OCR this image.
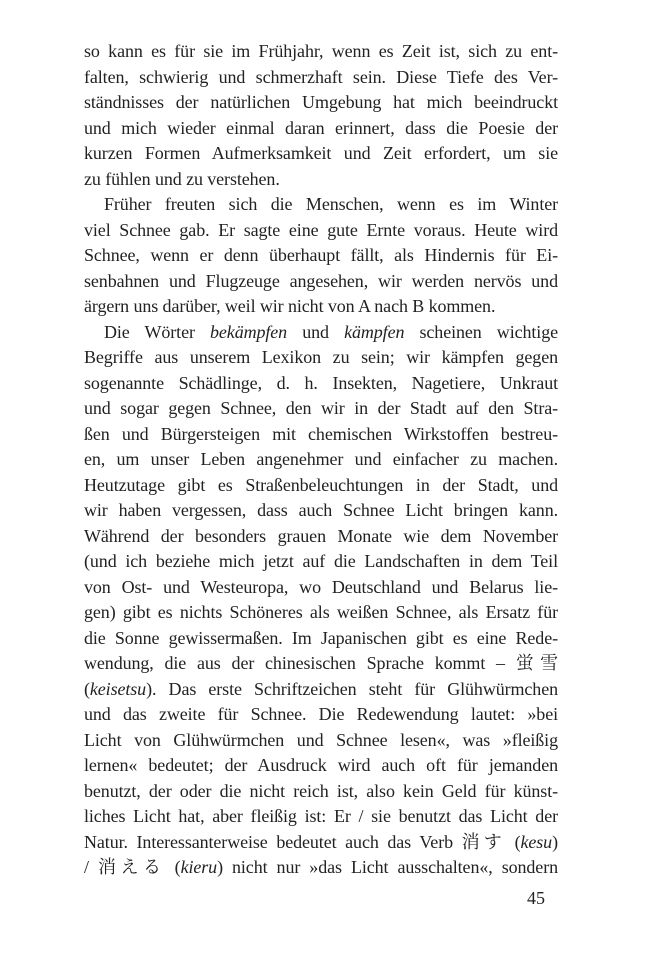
so kann es für sie im Frühjahr, wenn es Zeit ist, sich zu ent-
falten, schwierig und schmerzhaft sein. Diese Tiefe des Ver-
ständnisses der natürlichen Umgebung hat mich beeindruckt
und mich wieder einmal daran erinnert, dass die Poesie der
kurzen Formen Aufmerksamkeit und Zeit erfordert, um sie
zu fühlen und zu verstehen.
Früher freuten sich die Menschen, wenn es im Winter
viel Schnee gab. Er sagte eine gute Ernte voraus. Heute wird
Schnee, wenn er denn überhaupt fällt, als Hindernis für Ei-
senbahnen und Flugzeuge angesehen, wir werden nervös und
ärgern uns darüber, weil wir nicht von A nach B kommen.
Die Wörter bekämpfen und kämpfen scheinen wichtige
Begriffe aus unserem Lexikon zu sein; wir kämpfen gegen
sogenannte Schädlinge, d. h. Insekten, Nagetiere, Unkraut
und sogar gegen Schnee, den wir in der Stadt auf den Stra-
ßen und Bürgersteigen mit chemischen Wirkstoffen bestreu-
en, um unser Leben angenehmer und einfacher zu machen.
Heutzutage gibt es Straßenbeleuchtungen in der Stadt, und
wir haben vergessen, dass auch Schnee Licht bringen kann.
Während der besonders grauen Monate wie dem November
(und ich beziehe mich jetzt auf die Landschaften in dem Teil
von Ost- und Westeuropa, wo Deutschland und Belarus lie-
gen) gibt es nichts Schöneres als weißen Schnee, als Ersatz für
die Sonne gewissermaßen. Im Japanischen gibt es eine Rede-
wendung, die aus der chinesischen Sprache kommt – 蛍雪
(keisetsu). Das erste Schriftzeichen steht für Glühwürmchen
und das zweite für Schnee. Die Redewendung lautet: »bei
Licht von Glühwürmchen und Schnee lesen«, was »fleißig
lernen« bedeutet; der Ausdruck wird auch oft für jemanden
benutzt, der oder die nicht reich ist, also kein Geld für künst-
liches Licht hat, aber fleißig ist: Er / sie benutzt das Licht der
Natur. Interessanterweise bedeutet auch das Verb 消す (kesu)
/ 消える (kieru) nicht nur »das Licht ausschalten«, sondern
45
